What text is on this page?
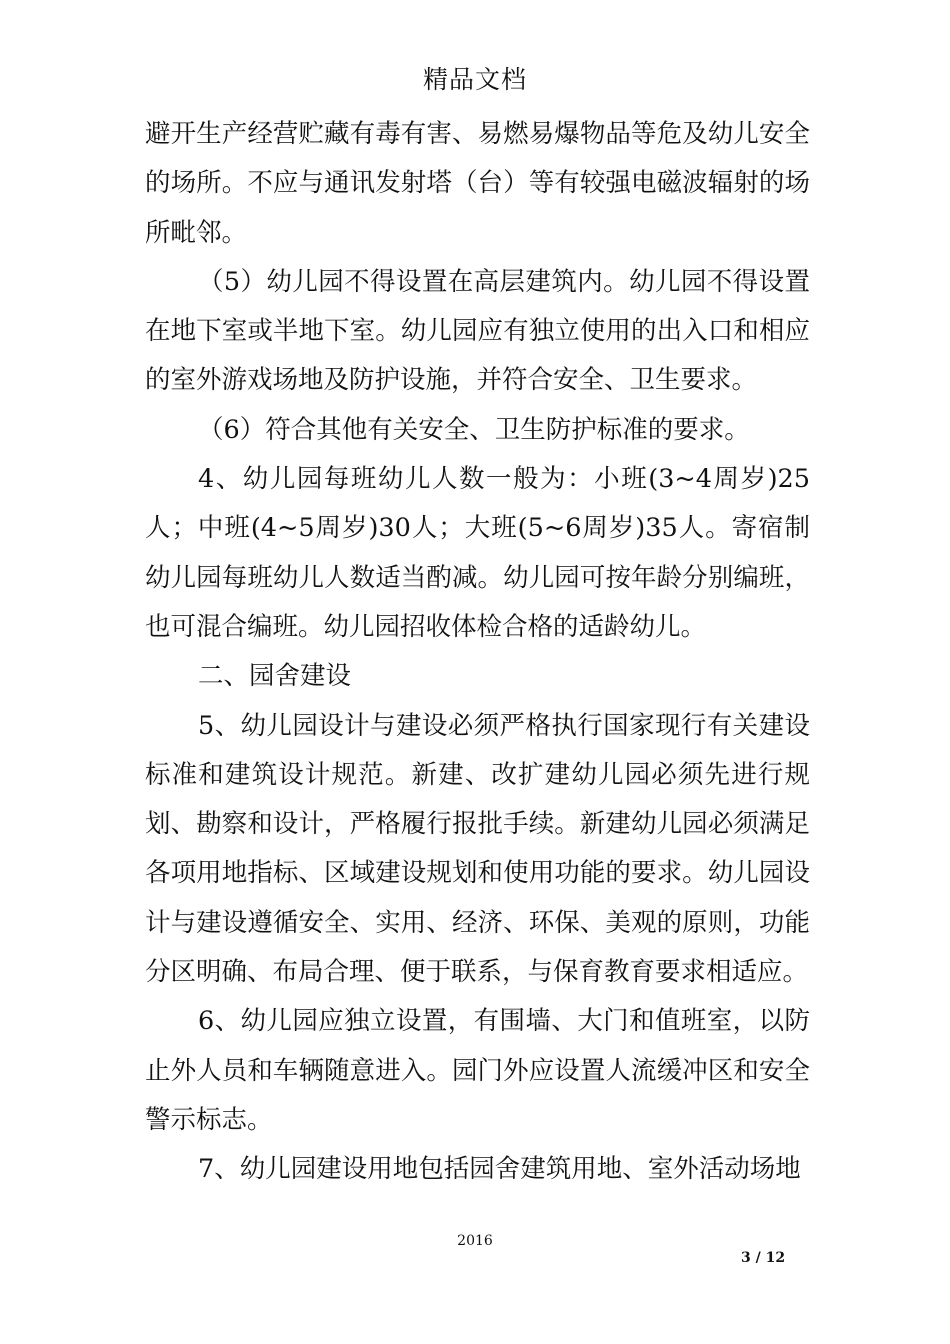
精品文档

避开生产经营贮藏有毒有害、易燃易爆物品等危及幼儿安全的场所。不应与通讯发射塔（台）等有较强电磁波辐射的场所毗邻。

（5）幼儿园不得设置在高层建筑内。幼儿园不得设置在地下室或半地下室。幼儿园应有独立使用的出入口和相应的室外游戏场地及防护设施，并符合安全、卫生要求。

（6）符合其他有关安全、卫生防护标准的要求。

4、幼儿园每班幼儿人数一般为：小班(3~4周岁)25人；中班(4~5周岁)30人；大班(5~6周岁)35人。寄宿制幼儿园每班幼儿人数适当酌减。幼儿园可按年龄分别编班，也可混合编班。幼儿园招收体检合格的适龄幼儿。

二、园舍建设

5、幼儿园设计与建设必须严格执行国家现行有关建设标准和建筑设计规范。新建、改扩建幼儿园必须先进行规划、勘察和设计，严格履行报批手续。新建幼儿园必须满足各项用地指标、区域建设规划和使用功能的要求。幼儿园设计与建设遵循安全、实用、经济、环保、美观的原则，功能分区明确、布局合理、便于联系，与保育教育要求相适应。

6、幼儿园应独立设置，有围墙、大门和值班室，以防止外人员和车辆随意进入。园门外应设置人流缓冲区和安全警示标志。

7、幼儿园建设用地包括园舍建筑用地、室外活动场地

2016
3 / 12
